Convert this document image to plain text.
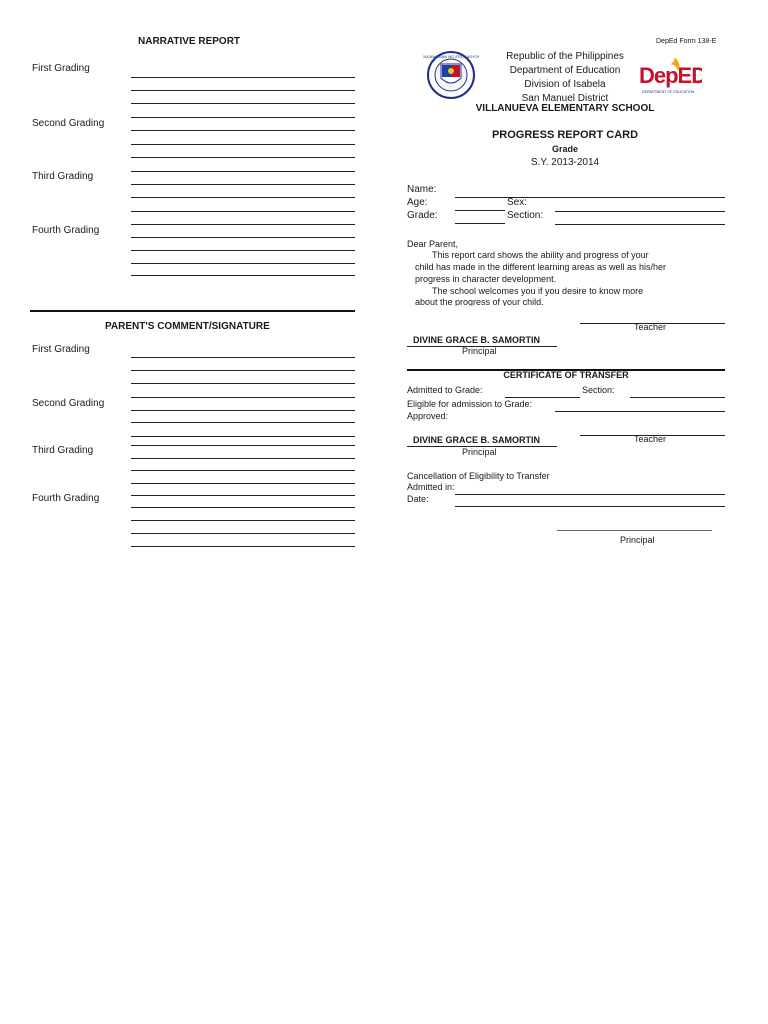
NARRATIVE REPORT
First Grading
Second Grading
Third Grading
Fourth Grading
PARENT'S COMMENT/SIGNATURE
First Grading
Second Grading
Third Grading
Fourth Grading
DepEd Form 138-E
KAGAWARAN NG EDUKASYON	Republic of the Philippines
Department of Education
Division of Isabela
San Manuel District
DepED
DEPARTMENT OF EDUCATION
VILLANUEVA ELEMENTARY SCHOOL
PROGRESS REPORT CARD
Grade
S.Y. 2013-2014
Name:
Age:	Sex:
Grade:	Section:
Dear Parent,
This report card shows the ability and progress of your
child has made in the different learning areas as well as his/her
progress in character development.
The school welcomes you if you desire to know more
about the progress of your child.
Teacher
DIVINE GRACE B. SAMORTIN
Principal
CERTIFICATE OF TRANSFER
Admitted to Grade:	Section:
Eligible for admission to Grade:
Approved:
DIVINE GRACE B. SAMORTIN	Teacher
Principal
Cancellation of Eligibility to Transfer
Admitted in:
Date:
Principal
